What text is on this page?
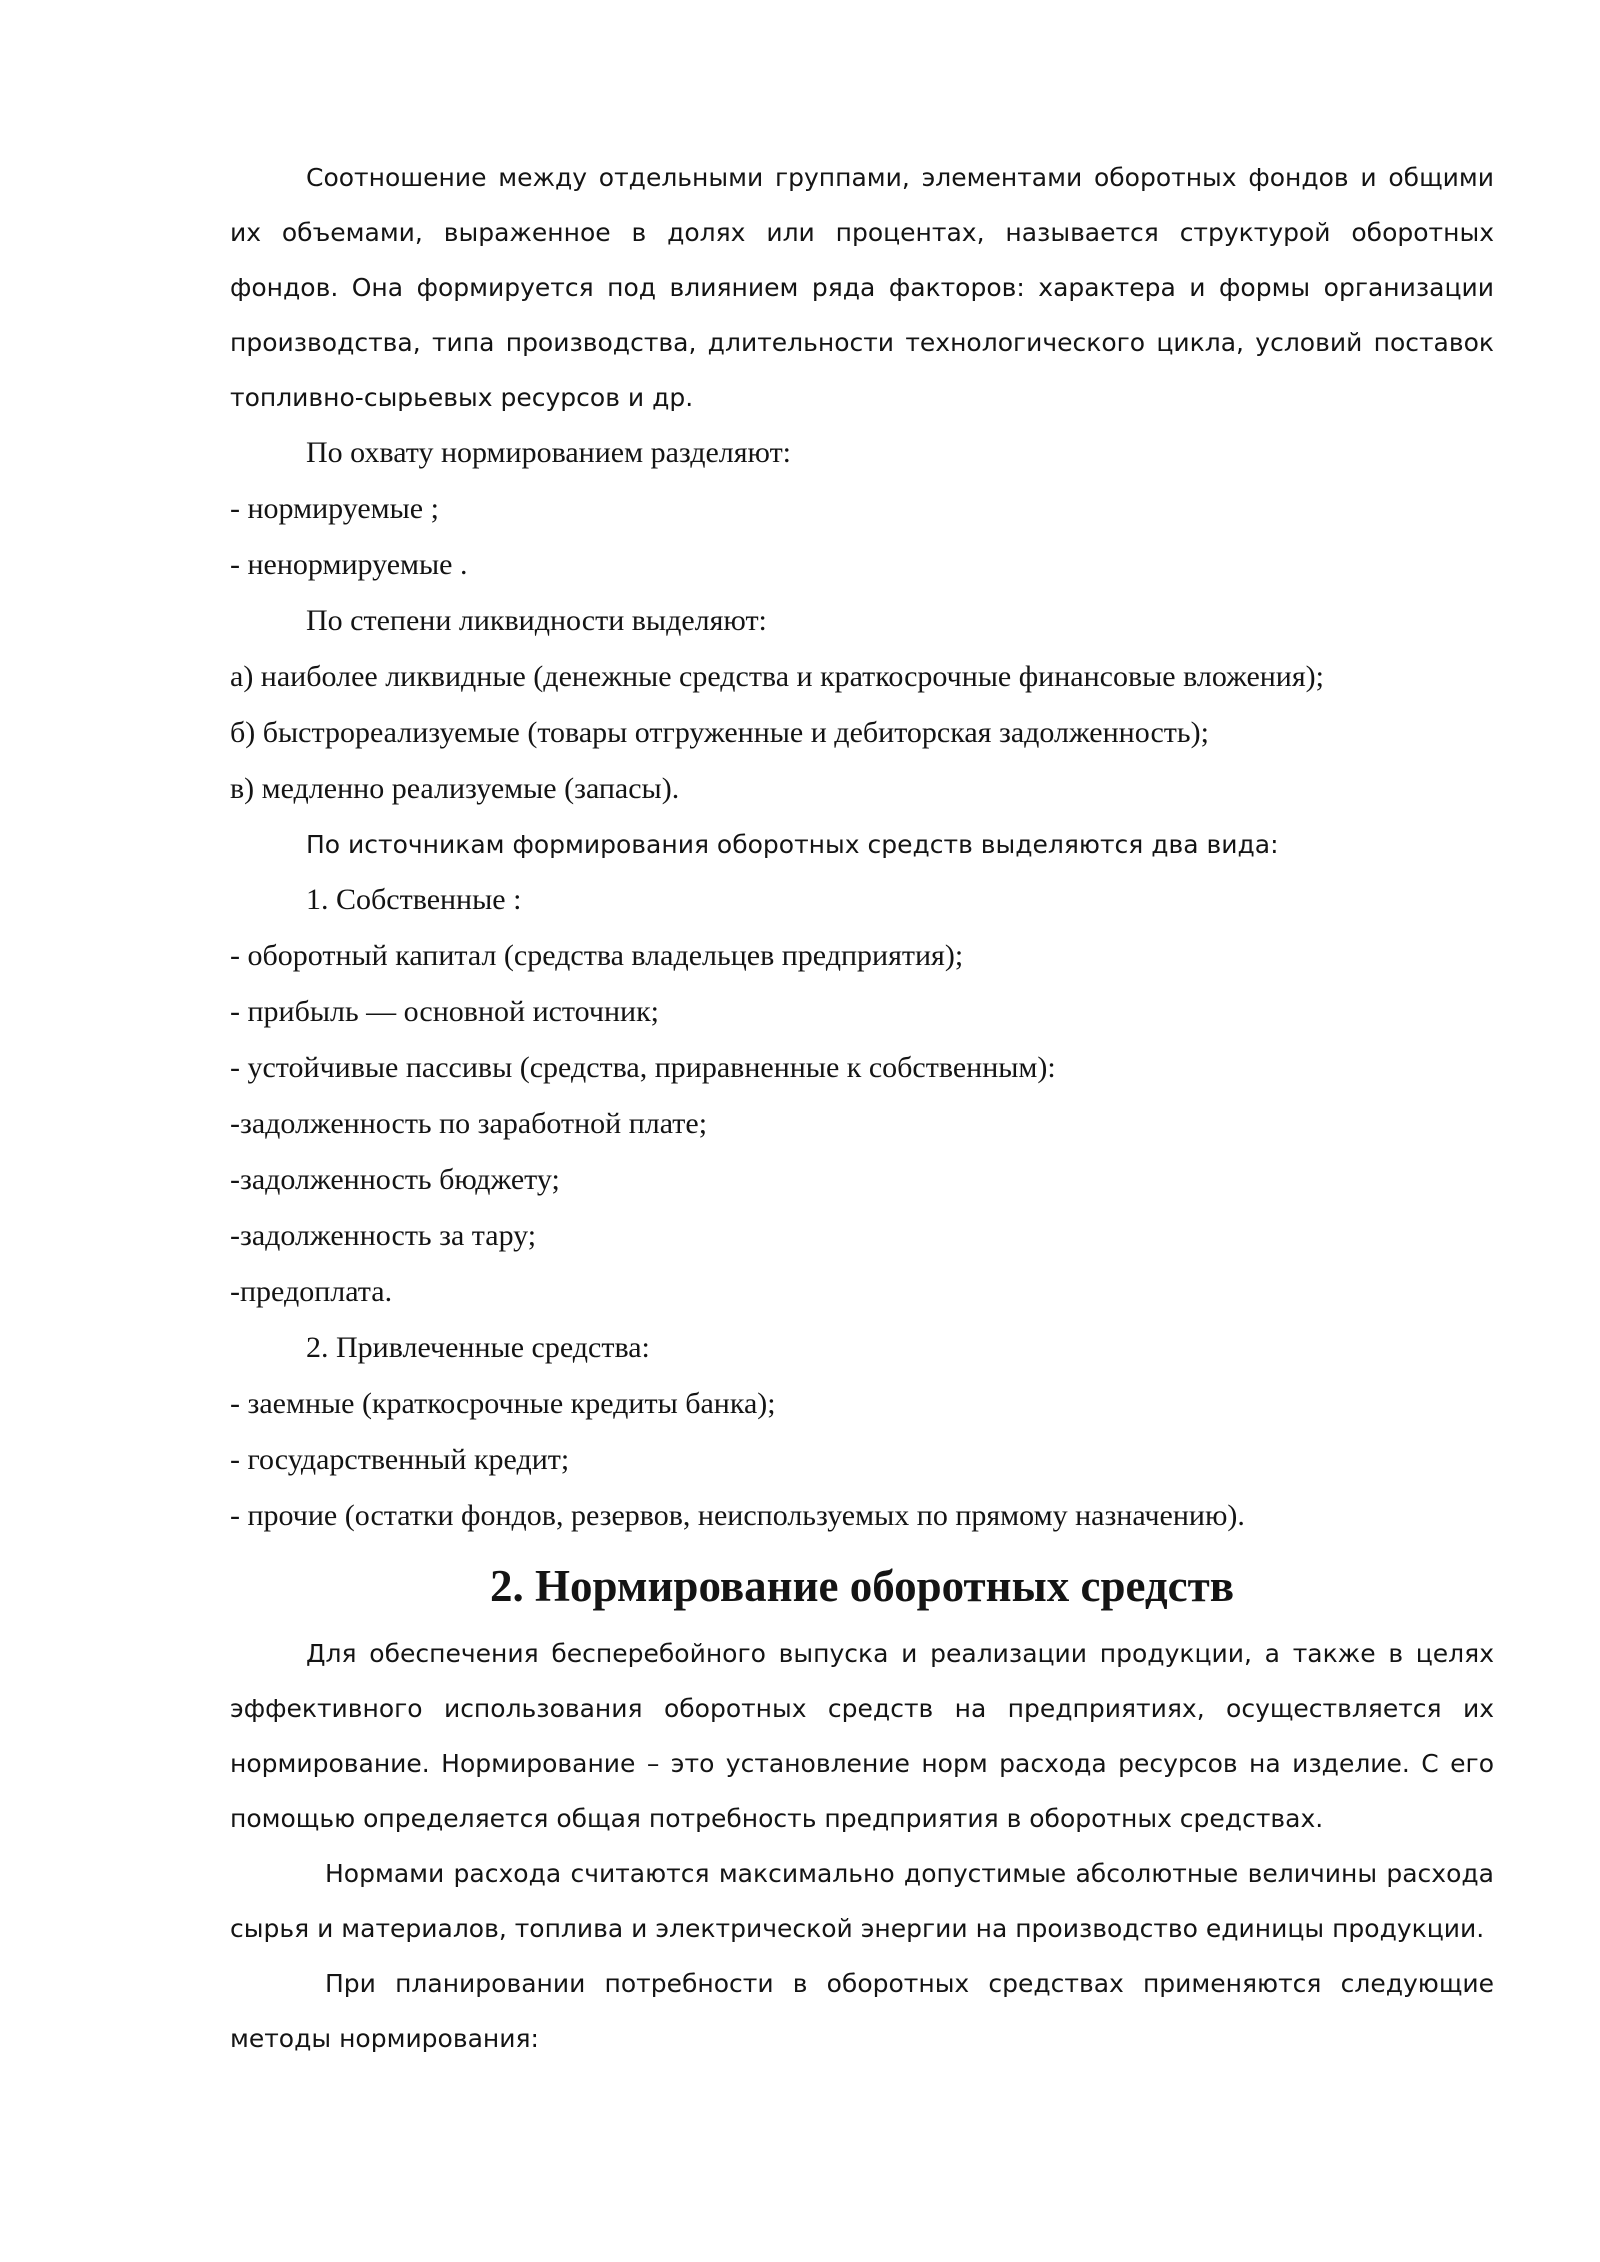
Соотношение между отдельными группами, элементами оборотных фондов и общими их объемами, выраженное в долях или процентах, называется структурой оборотных фондов. Она формируется под влиянием ряда факторов: характера и формы организации производства, типа производства, длительности технологического цикла, условий поставок топливно-сырьевых ресурсов и др.

По охвату нормированием разделяют:

- нормируемые ;

- ненормируемые .

По степени ликвидности выделяют:

а) наиболее ликвидные (денежные средства и краткосрочные финансовые вложения);

б) быстрореализуемые (товары отгруженные и дебиторская задолженность);

в) медленно реализуемые (запасы).

По источникам формирования оборотных средств выделяются два вида:

1. Собственные :

- оборотный капитал (средства владельцев предприятия);

- прибыль — основной источник;

- устойчивые пассивы (средства, приравненные к собственным):

-задолженность по заработной плате;

-задолженность бюджету;

-задолженность за тару;

-предоплата.

2. Привлеченные средства:

- заемные (краткосрочные кредиты банка);

- государственный кредит;

- прочие (остатки фондов, резервов, неиспользуемых по прямому назначению).

2. Нормирование оборотных средств

Для обеспечения бесперебойного выпуска и реализации продукции, а также в целях эффективного использования оборотных средств на предприятиях, осуществляется их нормирование. Нормирование – это установление норм расхода ресурсов на изделие. С его помощью определяется общая потребность предприятия в оборотных средствах.

Нормами расхода считаются максимально допустимые абсолютные величины расхода сырья и материалов, топлива и электрической энергии на производство единицы продукции.

При планировании потребности в оборотных средствах применяются следующие методы нормирования:
